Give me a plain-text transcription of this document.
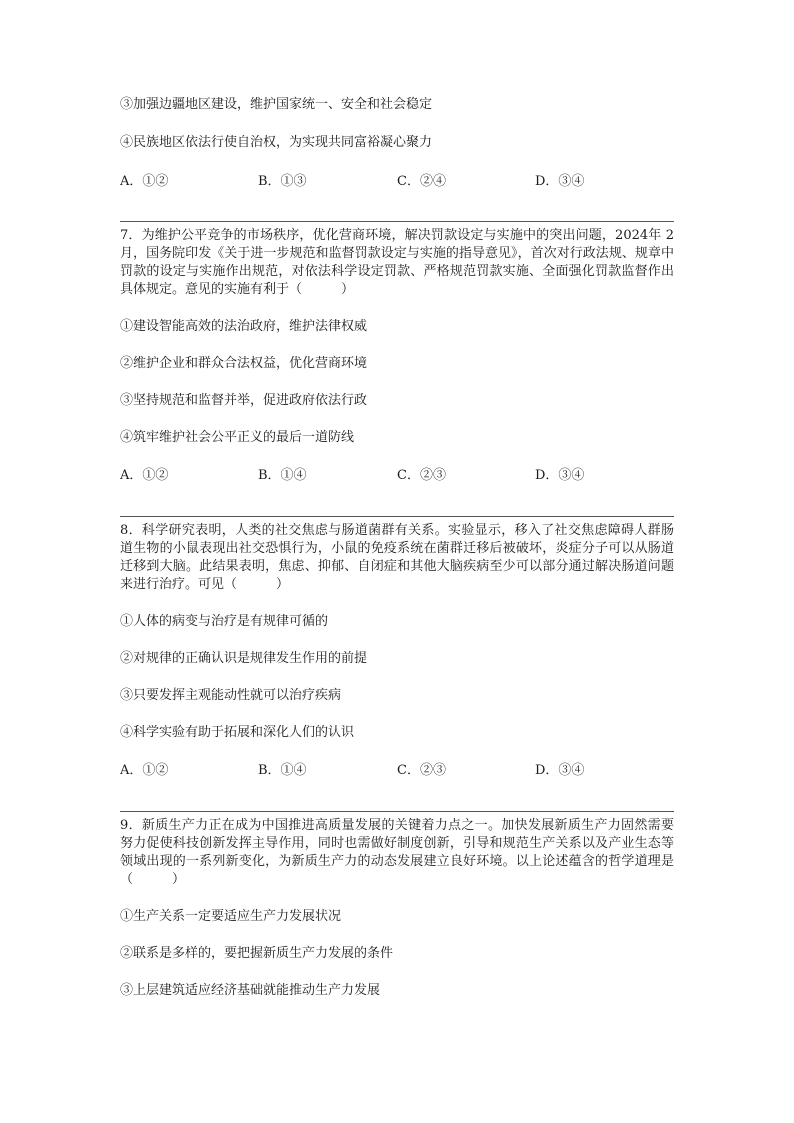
③加强边疆地区建设，维护国家统一、安全和社会稳定
④民族地区依法行使自治权，为实现共同富裕凝心聚力
A．①②	B．①③	C．②④	D．③④
7．为维护公平竞争的市场秩序，优化营商环境，解决罚款设定与实施中的突出问题，2024年 2 月，国务院印发《关于进一步规范和监督罚款设定与实施的指导意见》，首次对行政法规、规章中罚款的设定与实施作出规范，对依法科学设定罚款、严格规范罚款实施、全面强化罚款监督作出具体规定。意见的实施有利于（　　　）
①建设智能高效的法治政府，维护法律权威
②维护企业和群众合法权益，优化营商环境
③坚持规范和监督并举，促进政府依法行政
④筑牢维护社会公平正义的最后一道防线
A．①②	B．①④	C．②③	D．③④
8．科学研究表明，人类的社交焦虑与肠道菌群有关系。实验显示，移入了社交焦虑障碍人群肠道生物的小鼠表现出社交恐惧行为，小鼠的免疫系统在菌群迁移后被破坏，炎症分子可以从肠道迁移到大脑。此结果表明，焦虑、抑郁、自闭症和其他大脑疾病至少可以部分通过解决肠道问题来进行治疗。可见（　　　）
①人体的病变与治疗是有规律可循的
②对规律的正确认识是规律发生作用的前提
③只要发挥主观能动性就可以治疗疾病
④科学实验有助于拓展和深化人们的认识
A．①②	B．①④	C．②③	D．③④
9．新质生产力正在成为中国推进高质量发展的关键着力点之一。加快发展新质生产力固然需要努力促使科技创新发挥主导作用，同时也需做好制度创新，引导和规范生产关系以及产业生态等领域出现的一系列新变化，为新质生产力的动态发展建立良好环境。以上论述蕴含的哲学道理是（　　　）
①生产关系一定要适应生产力发展状况
②联系是多样的，要把握新质生产力发展的条件
③上层建筑适应经济基础就能推动生产力发展
